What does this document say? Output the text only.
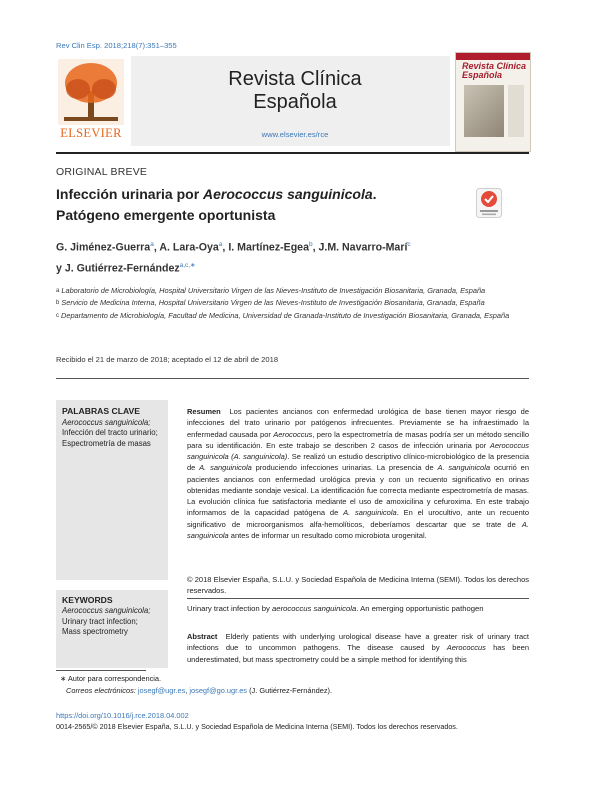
Rev Clin Esp. 2018;218(7):351–355
ELSEVIER
Revista Clínica
Española
www.elsevier.es/rce
Revista Clínica
Española
ORIGINAL BREVE
Infección urinaria por Aerococcus sanguinicola.
Patógeno emergente oportunista
G. Jiménez-Guerra$^a$, A. Lara-Oya$^a$, I. Martínez-Egea$^b$, J.M. Navarro-Marí$^c$
y J. Gutiérrez-Fernández$^{a,c,∗}$
a Laboratorio de Microbiología, Hospital Universitario Virgen de las Nieves-Instituto de Investigación Biosanitaria, Granada, España
b Servicio de Medicina Interna, Hospital Universitario Virgen de las Nieves-Instituto de Investigación Biosanitaria, Granada, España
c Departamento de Microbiología, Facultad de Medicina, Universidad de Granada-Instituto de Investigación Biosanitaria, Granada, España
Recibido el 21 de marzo de 2018; aceptado el 12 de abril de 2018
PALABRAS CLAVE
Aerococcus sanguinicola;
Infección del tracto urinario;
Espectrometría de masas
Resumen Los pacientes ancianos con enfermedad urológica de base tienen mayor riesgo de infecciones del trato urinario por patógenos infrecuentes. Previamente se ha infraestimado la enfermedad causada por Aerococcus, pero la espectrometría de masas podría ser un método sencillo para su identificación. En este trabajo se describen 2 casos de infección urinaria por Aerococcus sanguinicola (A. sanguinicola). Se realizó un estudio descriptivo clínico-microbiológico de la presencia de A. sanguinicola produciendo infecciones urinarias. La presencia de A. sanguinicola ocurrió en pacientes ancianos con enfermedad urológica previa y con un recuento significativo en orinas obtenidas mediante sondaje vesical. La identificación fue correcta mediante espectrometría de masas. La evolución clínica fue satisfactoria mediante el uso de amoxicilina y cefuroxima. En este trabajo informamos de la capacidad patógena de A. sanguinicola. En el urocultivo, ante un recuento significativo de microorganismos alfa-hemolíticos, deberíamos descartar que se trate de A. sanguinicola antes de informar un resultado como microbiota urogenital.
© 2018 Elsevier España, S.L.U. y Sociedad Española de Medicina Interna (SEMI). Todos los derechos reservados.
KEYWORDS
Aerococcus sanguinicola;
Urinary tract infection;
Mass spectrometry
Urinary tract infection by aerococcus sanguinicola. An emerging opportunistic pathogen
Abstract Elderly patients with underlying urological disease have a greater risk of urinary tract infections due to uncommon pathogens. The disease caused by Aerococcus has been underestimated, but mass spectrometry could be a simple method for identifying this
∗ Autor para correspondencia.
Correos electrónicos: josegf@ugr.es, josegf@go.ugr.es (J. Gutiérrez-Fernández).
https://doi.org/10.1016/j.rce.2018.04.002
0014-2565/© 2018 Elsevier España, S.L.U. y Sociedad Española de Medicina Interna (SEMI). Todos los derechos reservados.
